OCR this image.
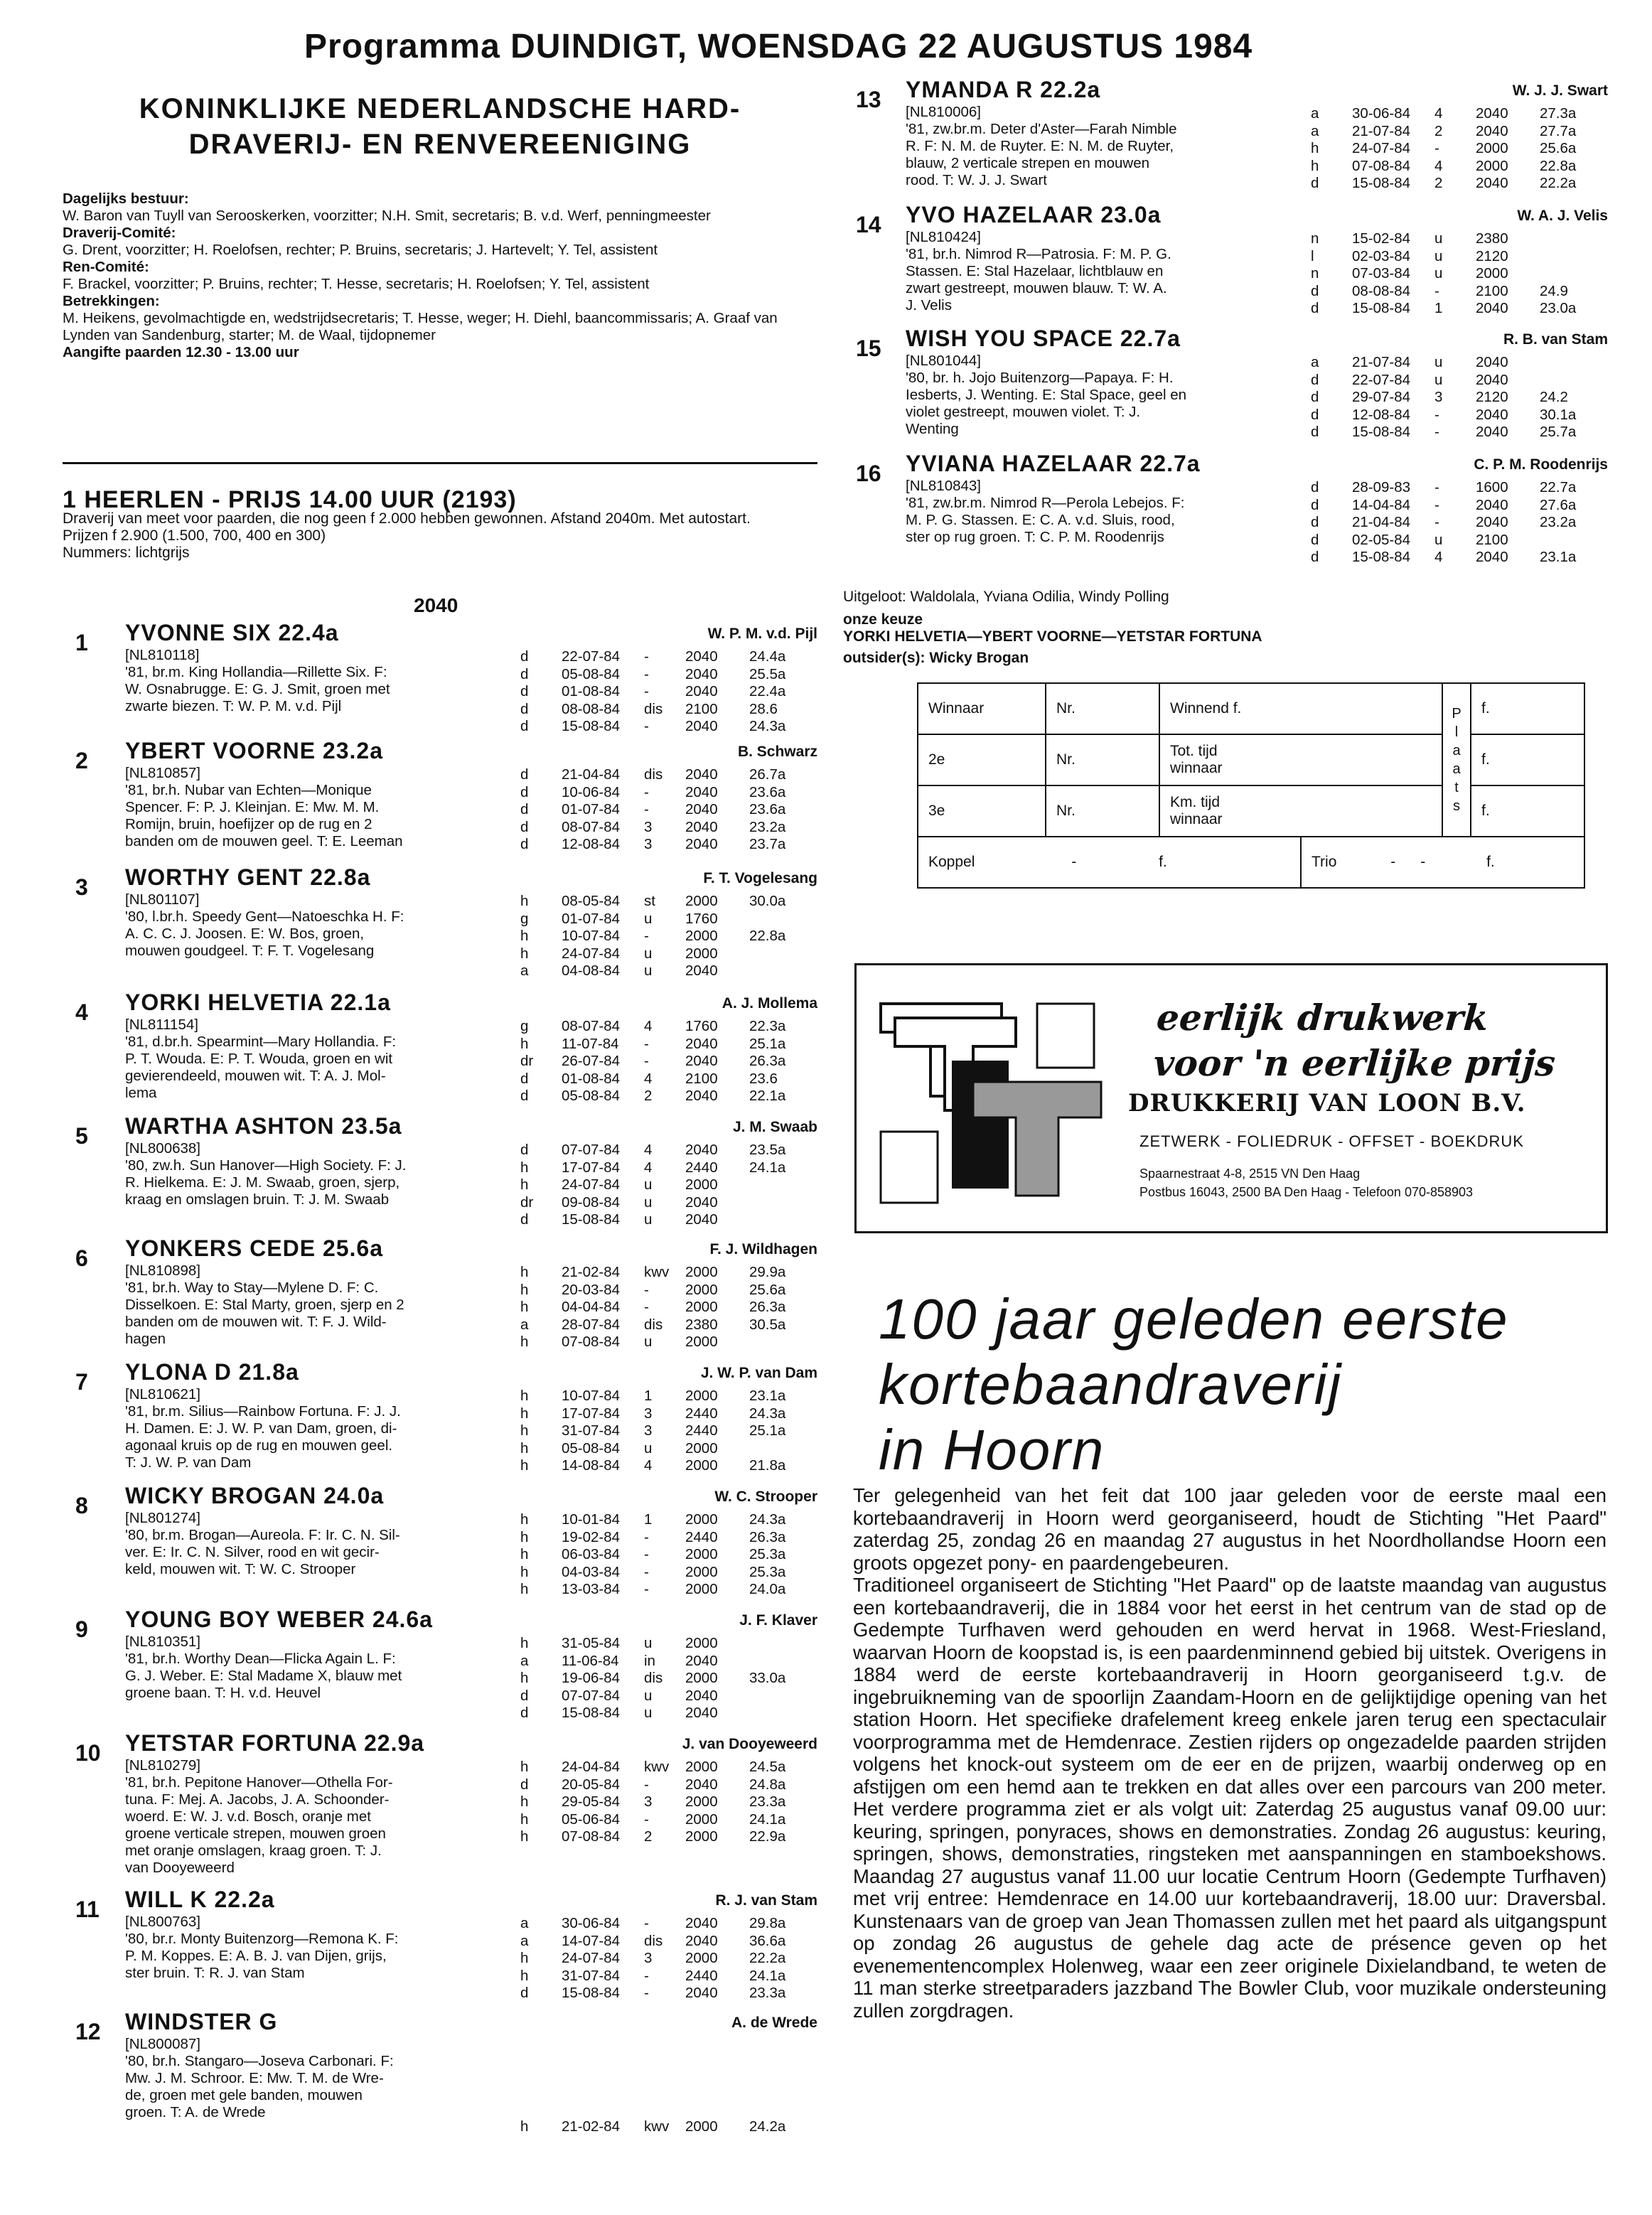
Programma DUINDIGT, WOENSDAG 22 AUGUSTUS 1984
KONINKLIJKE NEDERLANDSCHE HARD-
DRAVERIJ- EN RENVEREENIGING
Dagelijks bestuur:
W. Baron van Tuyll van Serooskerken, voorzitter; N.H. Smit, secretaris; B. v.d. Werf, penningmeester
Draverij-Comité:
G. Drent, voorzitter; H. Roelofsen, rechter; P. Bruins, secretaris; J. Hartevelt; Y. Tel, assistent
Ren-Comité:
F. Brackel, voorzitter; P. Bruins, rechter; T. Hesse, secretaris; H. Roelofsen; Y. Tel, assistent
Betrekkingen:
M. Heikens, gevolmachtigde en, wedstrijdsecretaris; T. Hesse, weger; H. Diehl, baancommissaris; A. Graaf van Lynden van Sandenburg, starter; M. de Waal, tijdopnemer
Aangifte paarden 12.30 - 13.00 uur
1 HEERLEN - PRIJS 14.00 UUR (2193)
Draverij van meet voor paarden, die nog geen f 2.000 hebben gewonnen. Afstand 2040m. Met autostart.
Prijzen f 2.900 (1.500, 700, 400 en 300)
Nummers: lichtgrijs
2040
1 YVONNE SIX 22.4a	W. P. M. v.d. Pijl
[NL810118]
'81, br.m. King Hollandia—Rillette Six. F:
W. Osnabrugge. E: G. J. Smit, groen met
zwarte biezen. T: W. P. M. v.d. Pijl
d 22-07-84 - 2040 24.4a
d 05-08-84 - 2040 25.5a
d 01-08-84 - 2040 22.4a
d 08-08-84 dis 2100 28.6
d 15-08-84 - 2040 24.3a
2 YBERT VOORNE 23.2a	B. Schwarz
[NL810857]
'81, br.h. Nubar van Echten—Monique
Spencer. F: P. J. Kleinjan. E: Mw. M. M.
Romijn, bruin, hoefijzer op de rug en 2
banden om de mouwen geel. T: E. Leeman
d 21-04-84 dis 2040 26.7a
d 10-06-84 - 2040 23.6a
d 01-07-84 - 2040 23.6a
d 08-07-84 3 2040 23.2a
d 12-08-84 3 2040 23.7a
3 WORTHY GENT 22.8a	F. T. Vogelesang
[NL801107]
'80, l.br.h. Speedy Gent—Natoeschka H. F:
A. C. C. J. Joosen. E: W. Bos, groen,
mouwen goudgeel. T: F. T. Vogelesang
h 08-05-84 st 2000 30.0a
g 01-07-84 u 1760
h 10-07-84 - 2000 22.8a
h 24-07-84 u 2000
a 04-08-84 u 2040
4 YORKI HELVETIA 22.1a	A. J. Mollema
[NL811154]
'81, d.br.h. Spearmint—Mary Hollandia. F:
P. T. Wouda. E: P. T. Wouda, groen en wit
gevierendeeld, mouwen wit. T: A. J. Mol-
lema
g 08-07-84 4 1760 22.3a
h 11-07-84 - 2040 25.1a
dr 26-07-84 - 2040 26.3a
d 01-08-84 4 2100 23.6
d 05-08-84 2 2040 22.1a
5 WARTHA ASHTON 23.5a	J. M. Swaab
[NL800638]
'80, zw.h. Sun Hanover—High Society. F: J.
R. Hielkema. E: J. M. Swaab, groen, sjerp,
kraag en omslagen bruin. T: J. M. Swaab
d 07-07-84 4 2040 23.5a
h 17-07-84 4 2440 24.1a
h 24-07-84 u 2000
dr 09-08-84 u 2040
d 15-08-84 u 2040
6 YONKERS CEDE 25.6a	F. J. Wildhagen
[NL810898]
'81, br.h. Way to Stay—Mylene D. F: C.
Disselkoen. E: Stal Marty, groen, sjerp en 2
banden om de mouwen wit. T: F. J. Wild-
hagen
h 21-02-84 kwv 2000 29.9a
h 20-03-84 - 2000 25.6a
h 04-04-84 - 2000 26.3a
a 28-07-84 dis 2380 30.5a
h 07-08-84 u 2000
7 YLONA D 21.8a	J. W. P. van Dam
[NL810621]
'81, br.m. Silius—Rainbow Fortuna. F: J. J.
H. Damen. E: J. W. P. van Dam, groen, di-
agonaal kruis op de rug en mouwen geel.
T: J. W. P. van Dam
h 10-07-84 1 2000 23.1a
h 17-07-84 3 2440 24.3a
h 31-07-84 3 2440 25.1a
h 05-08-84 u 2000
h 14-08-84 4 2000 21.8a
8 WICKY BROGAN 24.0a	W. C. Strooper
[NL801274]
'80, br.m. Brogan—Aureola. F: Ir. C. N. Sil-
ver. E: Ir. C. N. Silver, rood en wit gecir-
keld, mouwen wit. T: W. C. Strooper
h 10-01-84 1 2000 24.3a
h 19-02-84 - 2440 26.3a
h 06-03-84 - 2000 25.3a
h 04-03-84 - 2000 25.3a
h 13-03-84 - 2000 24.0a
9 YOUNG BOY WEBER 24.6a	J. F. Klaver
[NL810351]
'81, br.h. Worthy Dean—Flicka Again L. F:
G. J. Weber. E: Stal Madame X, blauw met
groene baan. T: H. v.d. Heuvel
h 31-05-84 u 2000
a 11-06-84 in 2040
h 19-06-84 dis 2000 33.0a
d 07-07-84 u 2040
d 15-08-84 u 2040
10 YETSTAR FORTUNA 22.9a	J. van Dooyeweerd
[NL810279]
'81, br.h. Pepitone Hanover—Othella For-
tuna. F: Mej. A. Jacobs, J. A. Schoonder-
woerd. E: W. J. v.d. Bosch, oranje met
groene verticale strepen, mouwen groen
met oranje omslagen, kraag groen. T: J.
van Dooyeweerd
h 24-04-84 kwv 2000 24.5a
d 20-05-84 - 2040 24.8a
h 29-05-84 3 2000 23.3a
h 05-06-84 - 2000 24.1a
h 07-08-84 2 2000 22.9a
11 WILL K 22.2a	R. J. van Stam
[NL800763]
'80, br.r. Monty Buitenzorg—Remona K. F:
P. M. Koppes. E: A. B. J. van Dijen, grijs,
ster bruin. T: R. J. van Stam
a 30-06-84 - 2040 29.8a
a 14-07-84 dis 2040 36.6a
h 24-07-84 3 2000 22.2a
h 31-07-84 - 2440 24.1a
d 15-08-84 - 2040 23.3a
12 WINDSTER G	A. de Wrede
[NL800087]
'80, br.h. Stangaro—Joseva Carbonari. F:
Mw. J. M. Schroor. E: Mw. T. M. de Wre-
de, groen met gele banden, mouwen
groen. T: A. de Wrede
h 21-02-84 kwv 2000 24.2a
13 YMANDA R 22.2a	W. J. J. Swart
[NL810006]
'81, zw.br.m. Deter d'Aster—Farah Nimble
R. F: N. M. de Ruyter. E: N. M. de Ruyter,
blauw, 2 verticale strepen en mouwen
rood. T: W. J. J. Swart
a 30-06-84 4 2040 27.3a
a 21-07-84 2 2040 27.7a
h 24-07-84 - 2000 25.6a
h 07-08-84 4 2000 22.8a
d 15-08-84 2 2040 22.2a
14 YVO HAZELAAR 23.0a	W. A. J. Velis
[NL810424]
'81, br.h. Nimrod R—Patrosia. F: M. P. G.
Stassen. E: Stal Hazelaar, lichtblauw en
zwart gestreept, mouwen blauw. T: W. A.
J. Velis
n 15-02-84 u 2380
l	02-03-84 u 2120
n 07-03-84 u 2000
d 08-08-84 - 2100 24.9
d 15-08-84 1 2040 23.0a
15 WISH YOU SPACE 22.7a	R. B. van Stam
[NL801044]
'80, br. h. Jojo Buitenzorg—Papaya. F: H.
Iesberts, J. Wenting. E: Stal Space, geel en
violet gestreept, mouwen violet. T: J.
Wenting
a 21-07-84 u 2040
d 22-07-84 u 2040
d 29-07-84 3 2120 24.2
d 12-08-84 - 2040 30.1a
d 15-08-84 - 2040 25.7a
16 YVIANA HAZELAAR 22.7a	C. P. M. Roodenrijs
[NL810843]
'81, zw.br.m. Nimrod R—Perola Lebejos. F:
M. P. G. Stassen. E: C. A. v.d. Sluis, rood,
ster op rug groen. T: C. P. M. Roodenrijs
d 28-09-83 - 1600 22.7a
d 14-04-84 - 2040 27.6a
d 21-04-84 - 2040 23.2a
d 02-05-84 u 2100
d 15-08-84 4 2040 23.1a
Uitgeloot: Waldolala, Yviana Odilia, Windy Polling
onze keuze
YORKI HELVETIA—YBERT VOORNE—YETSTAR FORTUNA
outsider(s): Wicky Brogan
Winnaar	Nr.	Winnend f.		P l a a t s	f.
2e	Nr.	Tot. tijd
winnaar			f.
3e	Nr.	Km. tijd
winnaar			f.
Koppel - f.			Trio -      - f.		
eerlijk drukwerk
voor 'n eerlijke prijs
DRUKKERIJ VAN LOON B.V.
ZETWERK - FOLIEDRUK - OFFSET - BOEKDRUK
Spaarnestraat 4-8, 2515 VN Den Haag
Postbus 16043, 2500 BA Den Haag - Telefoon 070-858903
100 jaar geleden eerste
kortebaandraverij
in Hoorn

Ter gelegenheid van het feit dat 100 jaar geleden voor de eerste maal een kortebaandraverij in Hoorn werd georganiseerd, houdt de Stichting "Het Paard" zaterdag 25, zondag 26 en maandag 27 augustus in het Noordhollandse Hoorn een groots opgezet pony- en paardengebeuren.

Traditioneel organiseert de Stichting "Het Paard" op de laatste maandag van augustus een kortebaandraverij, die in 1884 voor het eerst in het centrum van de stad op de Gedempte Turfhaven werd gehouden en werd hervat in 1968. West-Friesland, waarvan Hoorn de koopstad is, is een paardenminnend gebied bij uitstek. Overigens in 1884 werd de eerste kortebaandraverij in Hoorn georganiseerd t.g.v. de ingebruikneming van de spoorlijn Zaandam-Hoorn en de gelijktijdige opening van het station Hoorn. Het specifieke drafelement kreeg enkele jaren terug een spectaculair voorprogramma met de Hemdenrace. Zestien rijders op ongezadelde paarden strijden volgens het knock-out systeem om de eer en de prijzen, waarbij onderweg op en afstijgen om een hemd aan te trekken en dat alles over een parcours van 200 meter. Het verdere programma ziet er als volgt uit: Zaterdag 25 augustus vanaf 09.00 uur: keuring, springen, ponyraces, shows en demonstraties. Zondag 26 augustus: keuring, springen, shows, demonstraties, ringsteken met aanspanningen en stamboekshows. Maandag 27 augustus vanaf 11.00 uur locatie Centrum Hoorn (Gedempte Turfhaven) met vrij entree: Hemdenrace en 14.00 uur kortebaandraverij, 18.00 uur: Draversbal. Kunstenaars van de groep van Jean Thomassen zullen met het paard als uitgangspunt op zondag 26 augustus de gehele dag acte de présence geven op het evenementencomplex Holenweg, waar een zeer originele Dixielandband, te weten de 11 man sterke streetparaders jazzband The Bowler Club, voor muzikale ondersteuning zullen zorgdragen.
